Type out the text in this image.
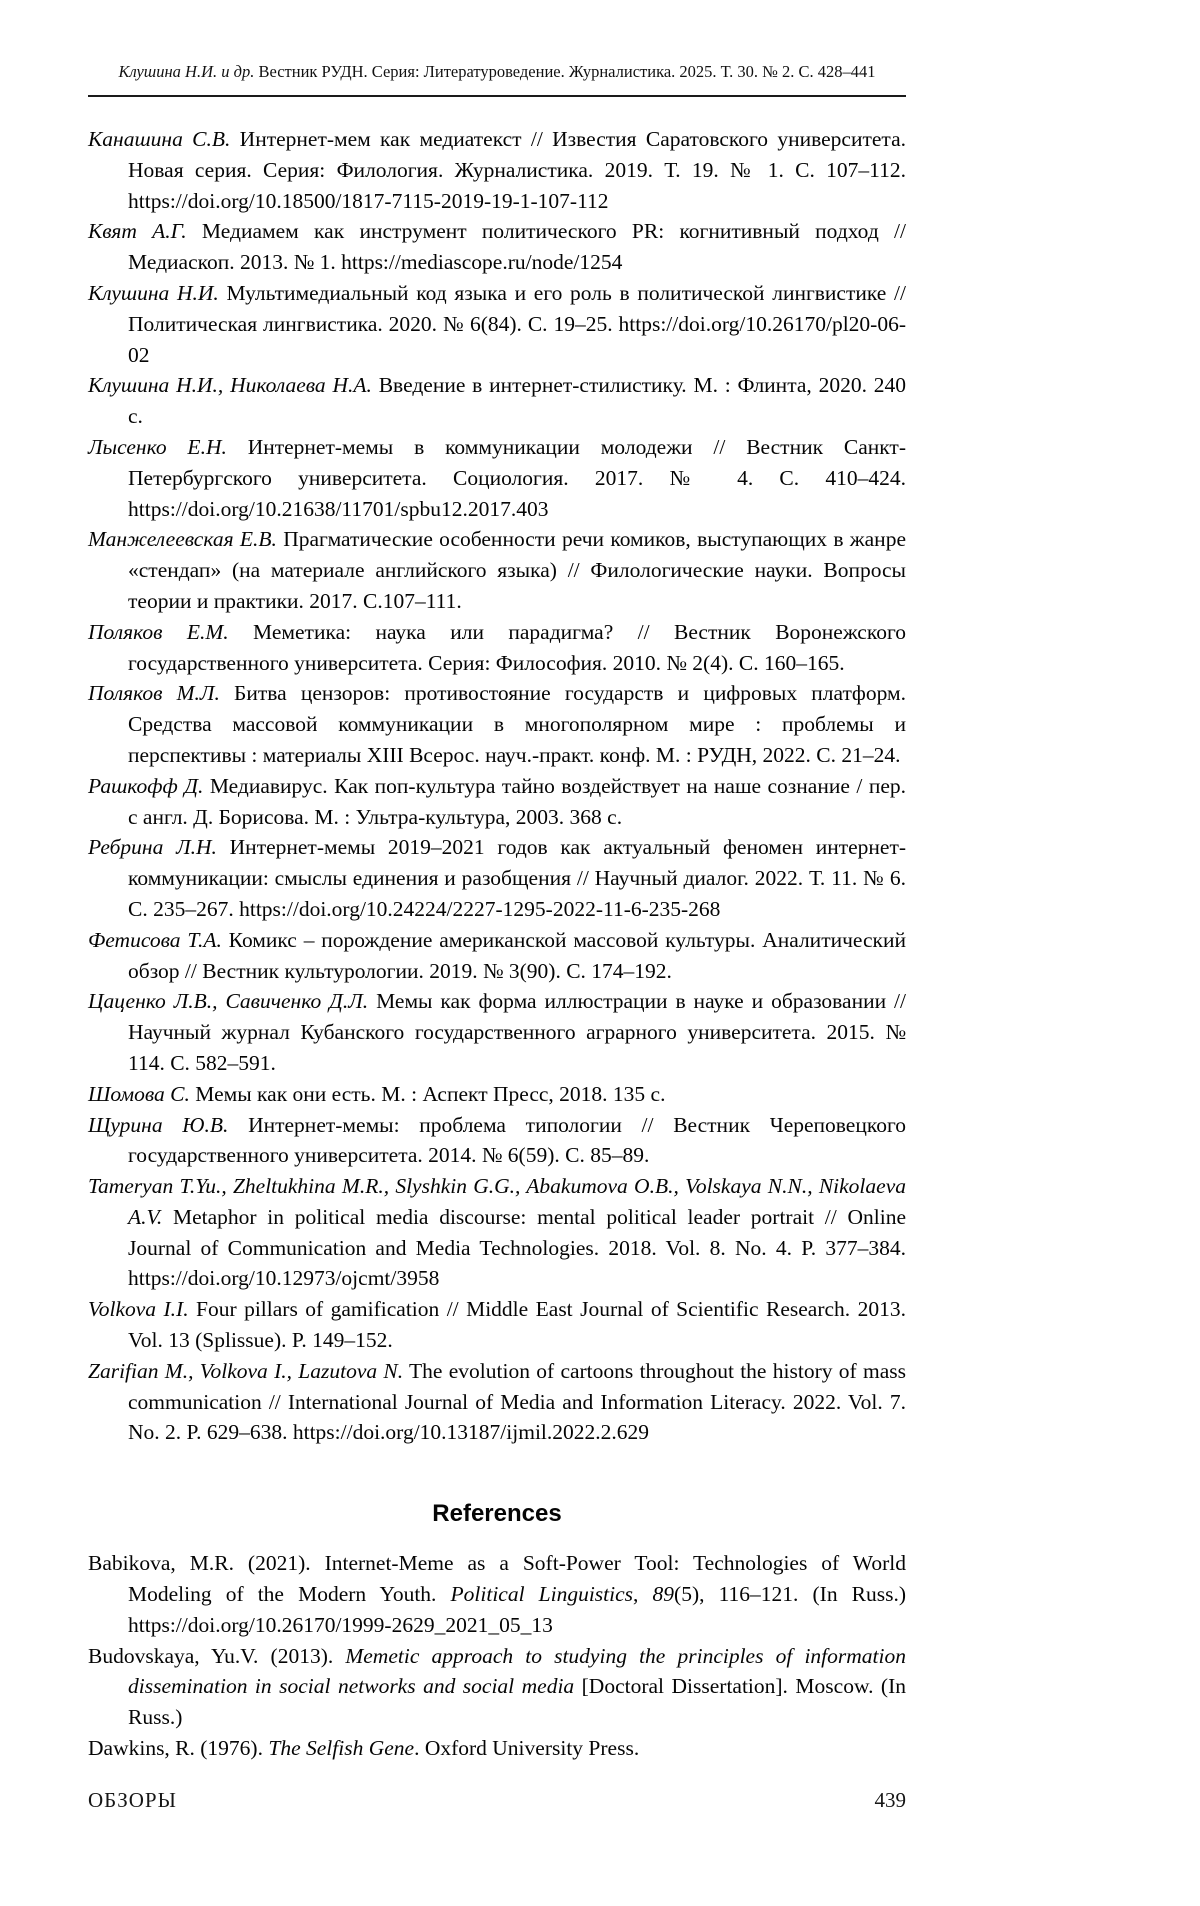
Клушина Н.И. и др. Вестник РУДН. Серия: Литературоведение. Журналистика. 2025. Т. 30. № 2. С. 428–441

Канашина С.В. Интернет-мем как медиатекст // Известия Саратовского университета. Новая серия. Серия: Филология. Журналистика. 2019. Т. 19. № 1. С. 107–112. https://doi.org/10.18500/1817-7115-2019-19-1-107-112

Квят А.Г. Медиамем как инструмент политического PR: когнитивный подход // Медиаскоп. 2013. № 1. https://mediascope.ru/node/1254

Клушина Н.И. Мультимедиальный код языка и его роль в политической лингвистике // Политическая лингвистика. 2020. № 6(84). С. 19–25. https://doi.org/10.26170/pl20-06-02

Клушина Н.И., Николаева Н.А. Введение в интернет-стилистику. М. : Флинта, 2020. 240 с.

Лысенко Е.Н. Интернет-мемы в коммуникации молодежи // Вестник Санкт-Петербургского университета. Социология. 2017. № 4. С. 410–424. https://doi.org/10.21638/11701/spbu12.2017.403

Манжелеевская Е.В. Прагматические особенности речи комиков, выступающих в жанре «стендап» (на материале английского языка) // Филологические науки. Вопросы теории и практики. 2017. С.107–111.

Поляков Е.М. Меметика: наука или парадигма? // Вестник Воронежского государственного университета. Серия: Философия. 2010. № 2(4). С. 160–165.

Поляков М.Л. Битва цензоров: противостояние государств и цифровых платформ. Средства массовой коммуникации в многополярном мире : проблемы и перспективы : материалы XIII Всерос. науч.-практ. конф. М. : РУДН, 2022. С. 21–24.

Рашкофф Д. Медиавирус. Как поп-культура тайно воздействует на наше сознание / пер. с англ. Д. Борисова. М. : Ультра-культура, 2003. 368 с.

Ребрина Л.Н. Интернет-мемы 2019–2021 годов как актуальный феномен интернет-коммуникации: смыслы единения и разобщения // Научный диалог. 2022. Т. 11. № 6. С. 235–267. https://doi.org/10.24224/2227-1295-2022-11-6-235-268

Фетисова Т.А. Комикс – порождение американской массовой культуры. Аналитический обзор // Вестник культурологии. 2019. № 3(90). С. 174–192.

Цаценко Л.В., Савиченко Д.Л. Мемы как форма иллюстрации в науке и образовании // Научный журнал Кубанского государственного аграрного университета. 2015. № 114. С. 582–591.

Шомова С. Мемы как они есть. М. : Аспект Пресс, 2018. 135 с.

Щурина Ю.В. Интернет-мемы: проблема типологии // Вестник Череповецкого государственного университета. 2014. № 6(59). С. 85–89.

Tameryan T.Yu., Zheltukhina M.R., Slyshkin G.G., Abakumova O.B., Volskaya N.N., Nikolaeva A.V. Metaphor in political media discourse: mental political leader portrait // Online Journal of Communication and Media Technologies. 2018. Vol. 8. No. 4. P. 377–384. https://doi.org/10.12973/ojcmt/3958

Volkova I.I. Four pillars of gamification // Middle East Journal of Scientific Research. 2013. Vol. 13 (Splissue). P. 149–152.

Zarifian M., Volkova I., Lazutova N. The evolution of cartoons throughout the history of mass communication // International Journal of Media and Information Literacy. 2022. Vol. 7. No. 2. P. 629–638. https://doi.org/10.13187/ijmil.2022.2.629

References

Babikova, M.R. (2021). Internet-Meme as a Soft-Power Tool: Technologies of World Modeling of the Modern Youth. Political Linguistics, 89(5), 116–121. (In Russ.) https://doi.org/10.26170/1999-2629_2021_05_13

Budovskaya, Yu.V. (2013). Memetic approach to studying the principles of information dissemination in social networks and social media [Doctoral Dissertation]. Moscow. (In Russ.)

Dawkins, R. (1976). The Selfish Gene. Oxford University Press.

ОБЗОРЫ	439
